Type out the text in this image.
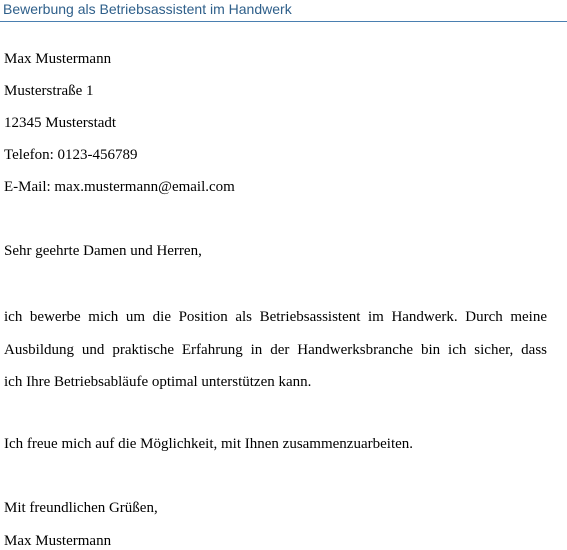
Bewerbung als Betriebsassistent im Handwerk
Max Mustermann
Musterstraße 1
12345 Musterstadt
Telefon: 0123-456789
E-Mail: max.mustermann@email.com
Sehr geehrte Damen und Herren,
ich bewerbe mich um die Position als Betriebsassistent im Handwerk. Durch meine
Ausbildung und praktische Erfahrung in der Handwerksbranche bin ich sicher, dass
ich Ihre Betriebsabläufe optimal unterstützen kann.
Ich freue mich auf die Möglichkeit, mit Ihnen zusammenzuarbeiten.
Mit freundlichen Grüßen,
Max Mustermann
